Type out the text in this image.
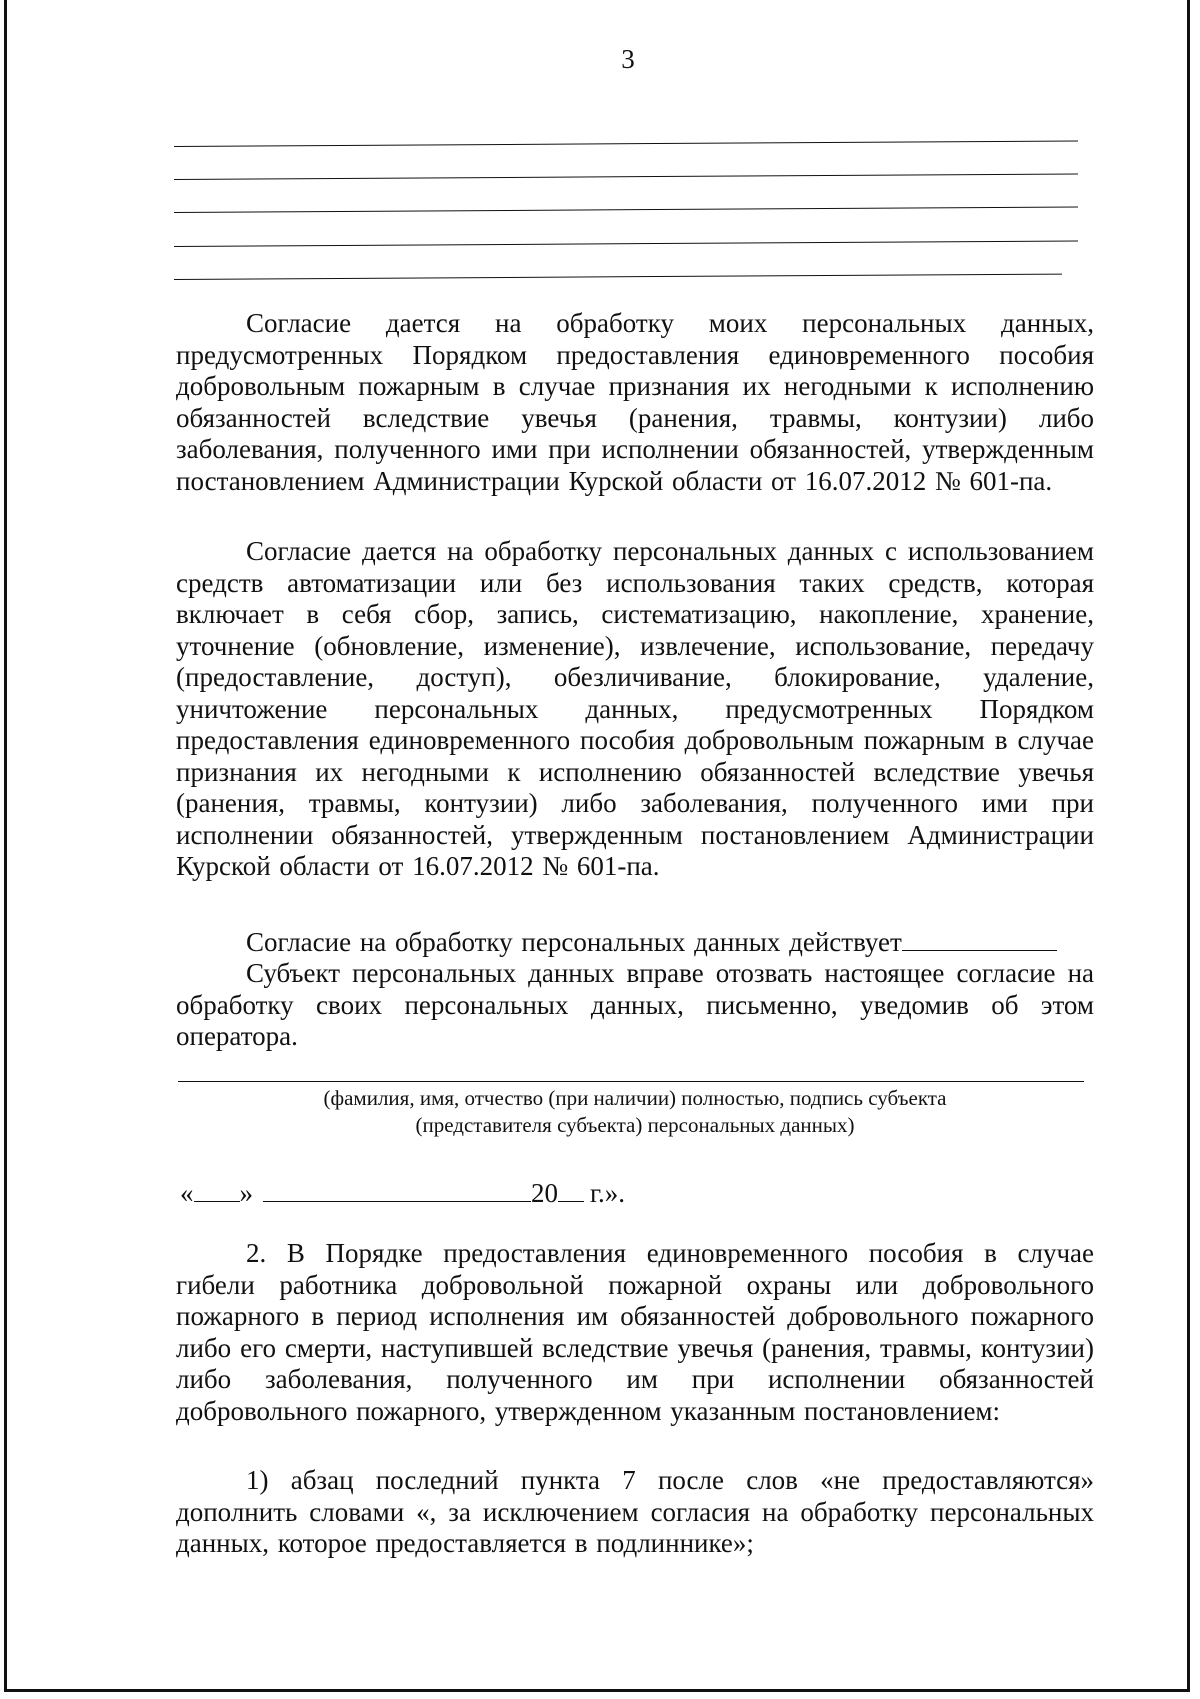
3

Согласие дается на обработку моих персональных данных, предусмотренных Порядком предоставления единовременного пособия добровольным пожарным в случае признания их негодными к исполнению обязанностей вследствие увечья (ранения, травмы, контузии) либо заболевания, полученного ими при исполнении обязанностей, утвержденным постановлением Администрации Курской области от 16.07.2012 № 601-па.

Согласие дается на обработку персональных данных с использованием средств автоматизации или без использования таких средств, которая включает в себя сбор, запись, систематизацию, накопление, хранение, уточнение (обновление, изменение), извлечение, использование, передачу (предоставление, доступ), обезличивание, блокирование, удаление, уничтожение персональных данных, предусмотренных Порядком предоставления единовременного пособия добровольным пожарным в случае признания их негодными к исполнению обязанностей вследствие увечья (ранения, травмы, контузии) либо заболевания, полученного ими при исполнении обязанностей, утвержденным постановлением Администрации Курской области от 16.07.2012 № 601-па.

Согласие на обработку персональных данных действует

Субъект персональных данных вправе отозвать настоящее согласие на обработку своих персональных данных, письменно, уведомив об этом оператора.

(фамилия, имя, отчество (при наличии) полностью, подпись субъекта
(представителя субъекта) персональных данных)
« »	20 г.».

2. В Порядке предоставления единовременного пособия в случае гибели работника добровольной пожарной охраны или добровольного пожарного в период исполнения им обязанностей добровольного пожарного либо его смерти, наступившей вследствие увечья (ранения, травмы, контузии) либо заболевания, полученного им при исполнении обязанностей добровольного пожарного, утвержденном указанным постановлением:

1) абзац последний пункта 7 после слов «не предоставляются» дополнить словами «, за исключением согласия на обработку персональных данных, которое предоставляется в подлиннике»;
